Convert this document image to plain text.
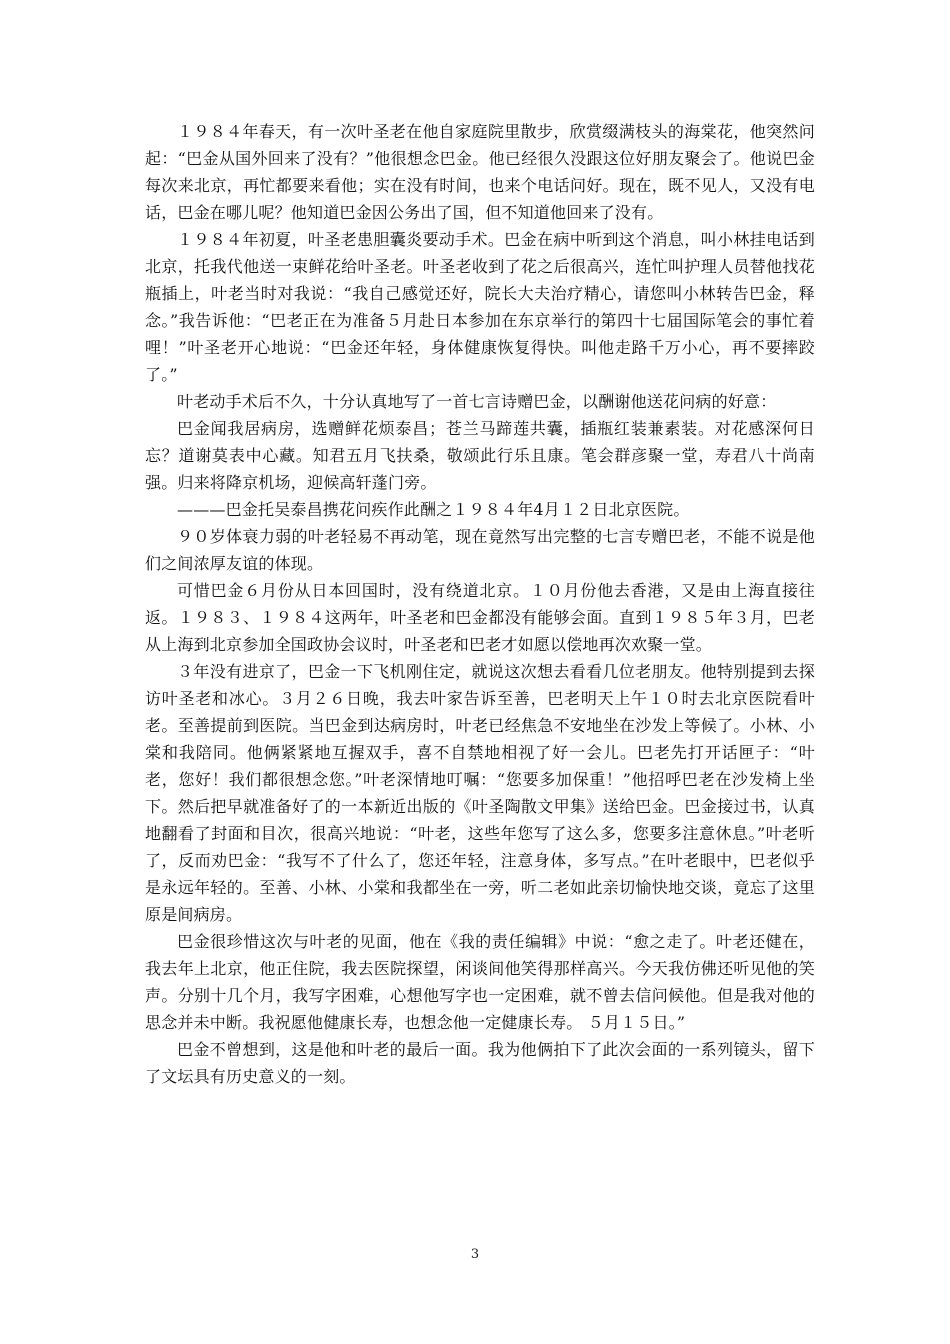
１９８４年春天，有一次叶圣老在他自家庭院里散步，欣赏缀满枝头的海棠花，他突然问起：“巴金从国外回来了没有？”他很想念巴金。他已经很久没跟这位好朋友聚会了。他说巴金每次来北京，再忙都要来看他；实在没有时间，也来个电话问好。现在，既不见人，又没有电话，巴金在哪儿呢？他知道巴金因公务出了国，但不知道他回来了没有。

１９８４年初夏，叶圣老患胆囊炎要动手术。巴金在病中听到这个消息，叫小林挂电话到北京，托我代他送一束鲜花给叶圣老。叶圣老收到了花之后很高兴，连忙叫护理人员替他找花瓶插上，叶老当时对我说：“我自己感觉还好，院长大夫治疗精心，请您叫小林转告巴金，释念。”我告诉他：“巴老正在为准备５月赴日本参加在东京举行的第四十七届国际笔会的事忙着哩！”叶圣老开心地说：“巴金还年轻，身体健康恢复得快。叫他走路千万小心，再不要摔跤了。”

叶老动手术后不久，十分认真地写了一首七言诗赠巴金，以酬谢他送花问病的好意：

巴金闻我居病房，选赠鲜花烦泰昌；苍兰马蹄莲共囊，插瓶红装兼素装。对花感深何日忘？道谢莫表中心藏。知君五月飞扶桑，敬颂此行乐且康。笔会群彦聚一堂，寿君八十尚南强。归来将降京机场，迎候高轩蓬门旁。

———巴金托吴泰昌携花问疾作此酬之１９８４年4月１２日北京医院。

９０岁体衰力弱的叶老轻易不再动笔，现在竟然写出完整的七言专赠巴老，不能不说是他们之间浓厚友谊的体现。

可惜巴金６月份从日本回国时，没有绕道北京。１０月份他去香港，又是由上海直接往返。１９８３、１９８４这两年，叶圣老和巴金都没有能够会面。直到１９８５年３月，巴老从上海到北京参加全国政协会议时，叶圣老和巴老才如愿以偿地再次欢聚一堂。

３年没有进京了，巴金一下飞机刚住定，就说这次想去看看几位老朋友。他特别提到去探访叶圣老和冰心。３月２６日晚，我去叶家告诉至善，巴老明天上午１０时去北京医院看叶老。至善提前到医院。当巴金到达病房时，叶老已经焦急不安地坐在沙发上等候了。小林、小棠和我陪同。他俩紧紧地互握双手，喜不自禁地相视了好一会儿。巴老先打开话匣子：“叶老，您好！我们都很想念您。”叶老深情地叮嘱：“您要多加保重！”他招呼巴老在沙发椅上坐下。然后把早就准备好了的一本新近出版的《叶圣陶散文甲集》送给巴金。巴金接过书，认真地翻看了封面和目次，很高兴地说：“叶老，这些年您写了这么多，您要多注意休息。”叶老听了，反而劝巴金：“我写不了什么了，您还年轻，注意身体，多写点。”在叶老眼中，巴老似乎是永远年轻的。至善、小林、小棠和我都坐在一旁，听二老如此亲切愉快地交谈，竟忘了这里原是间病房。

巴金很珍惜这次与叶老的见面，他在《我的责任编辑》中说：“愈之走了。叶老还健在，我去年上北京，他正住院，我去医院探望，闲谈间他笑得那样高兴。今天我仿佛还听见他的笑声。分别十几个月，我写字困难，心想他写字也一定困难，就不曾去信问候他。但是我对他的思念并未中断。我祝愿他健康长寿，也想念他一定健康长寿。 ５月１５日。”

巴金不曾想到，这是他和叶老的最后一面。我为他俩拍下了此次会面的一系列镜头，留下了文坛具有历史意义的一刻。

3
